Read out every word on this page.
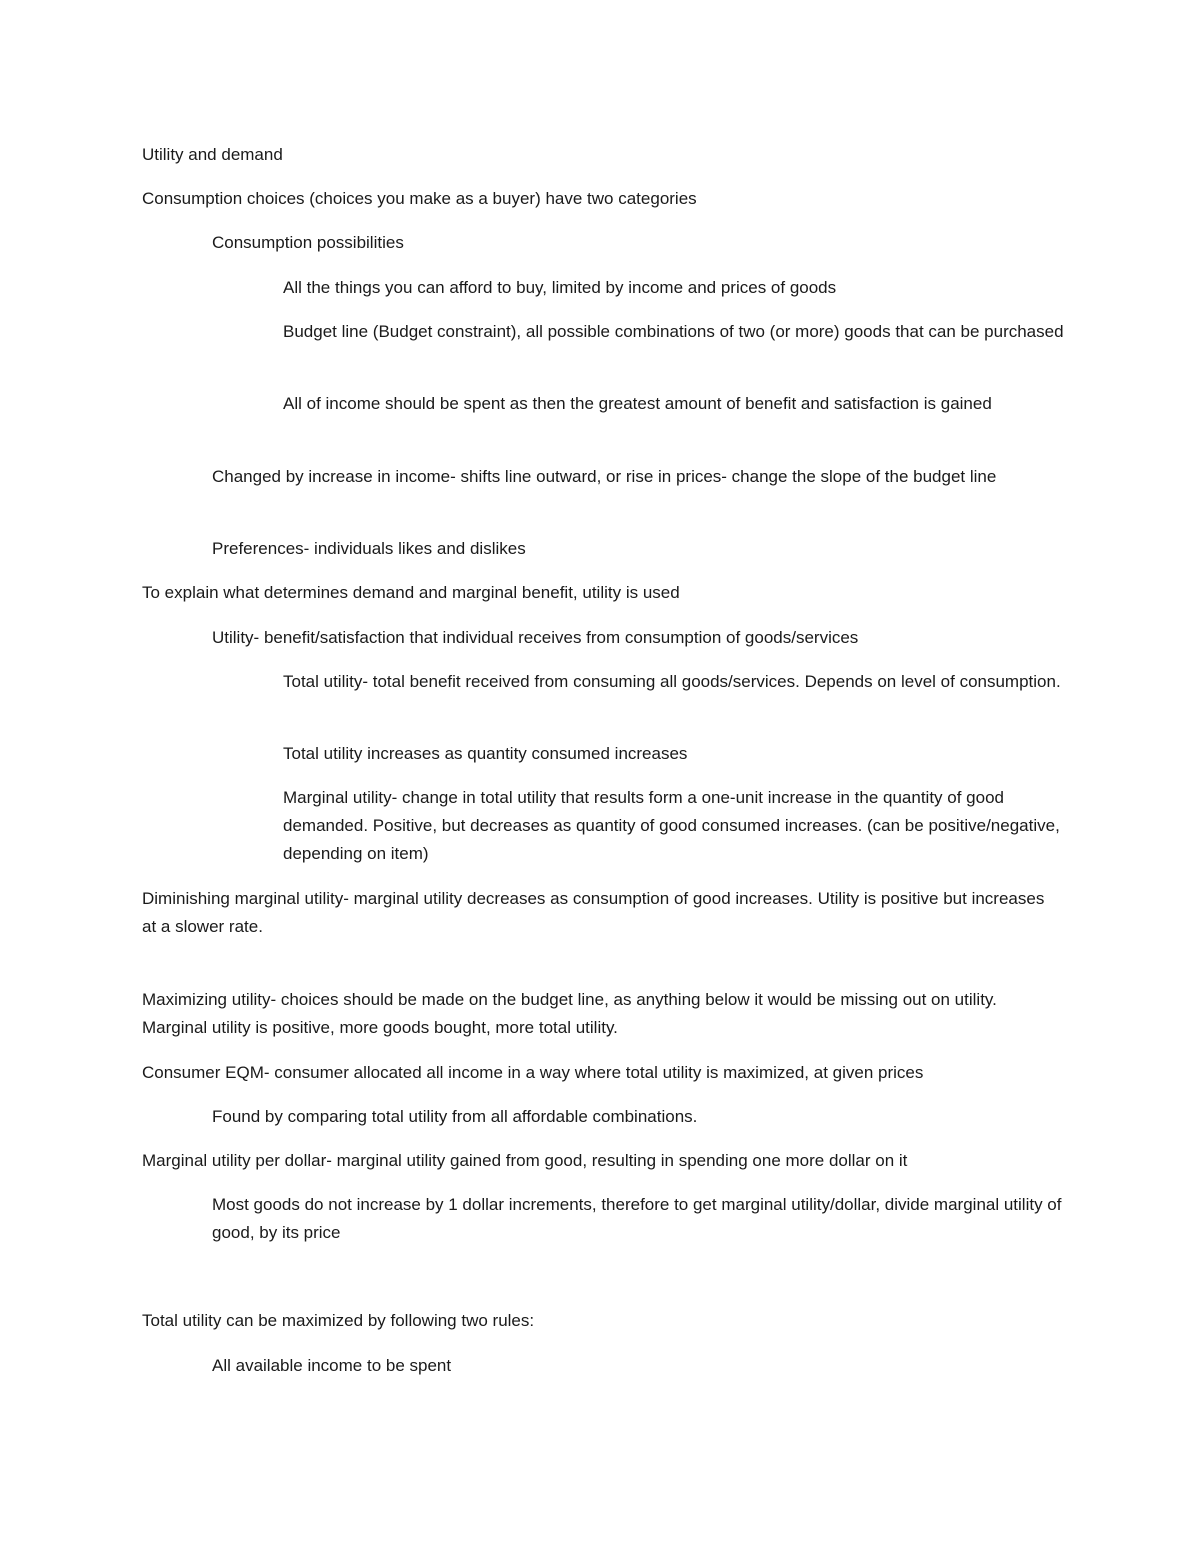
Utility and demand

Consumption choices (choices you make as a buyer) have two categories

Consumption possibilities

All the things you can afford to buy, limited by income and prices of goods

Budget line (Budget constraint), all possible combinations of two (or more) goods that can be purchased

All of income should be spent as then the greatest amount of benefit and satisfaction is gained

Changed by increase in income- shifts line outward, or rise in prices- change the slope of the budget line

Preferences- individuals likes and dislikes

To explain what determines demand and marginal benefit, utility is used

Utility- benefit/satisfaction that individual receives from consumption of goods/services

Total utility- total benefit received from consuming all goods/services. Depends on level of consumption.

Total utility increases as quantity consumed increases

Marginal utility- change in total utility that results form a one-unit increase in the quantity of good demanded. Positive, but decreases as quantity of good consumed increases. (can be positive/negative, depending on item)

Diminishing marginal utility- marginal utility decreases as consumption of good increases. Utility is positive but increases at a slower rate.

Maximizing utility- choices should be made on the budget line, as anything below it would be missing out on utility. Marginal utility is positive, more goods bought, more total utility.

Consumer EQM- consumer allocated all income in a way where total utility is maximized, at given prices

Found by comparing total utility from all affordable combinations.

Marginal utility per dollar- marginal utility gained from good, resulting in spending one more dollar on it

Most goods do not increase by 1 dollar increments, therefore to get marginal utility/dollar, divide marginal utility of good, by its price

Total utility can be maximized by following two rules:

All available income to be spent
